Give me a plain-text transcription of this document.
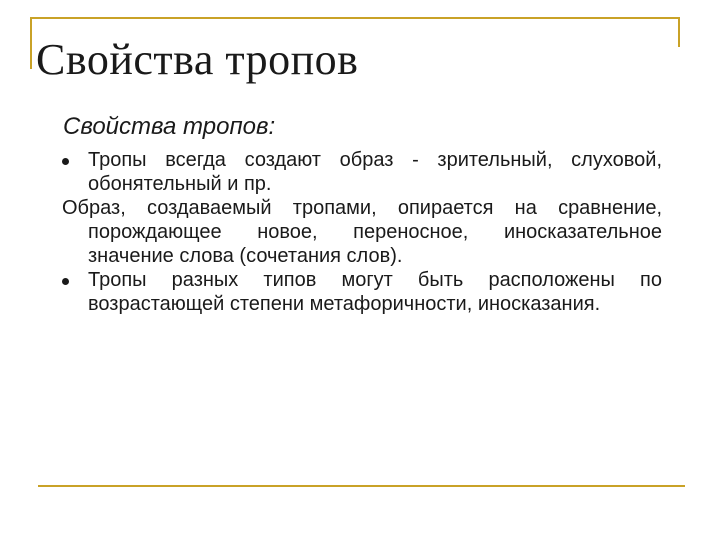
Свойства тропов
Свойства тропов:

Тропы всегда создают образ - зрительный, слуховой, обонятельный и пр.

Образ, создаваемый тропами, опирается на сравнение, порождающее новое, переносное, иносказательное значение слова (сочетания слов).

Тропы разных типов могут быть расположены по возрастающей степени метафоричности, иносказания.
